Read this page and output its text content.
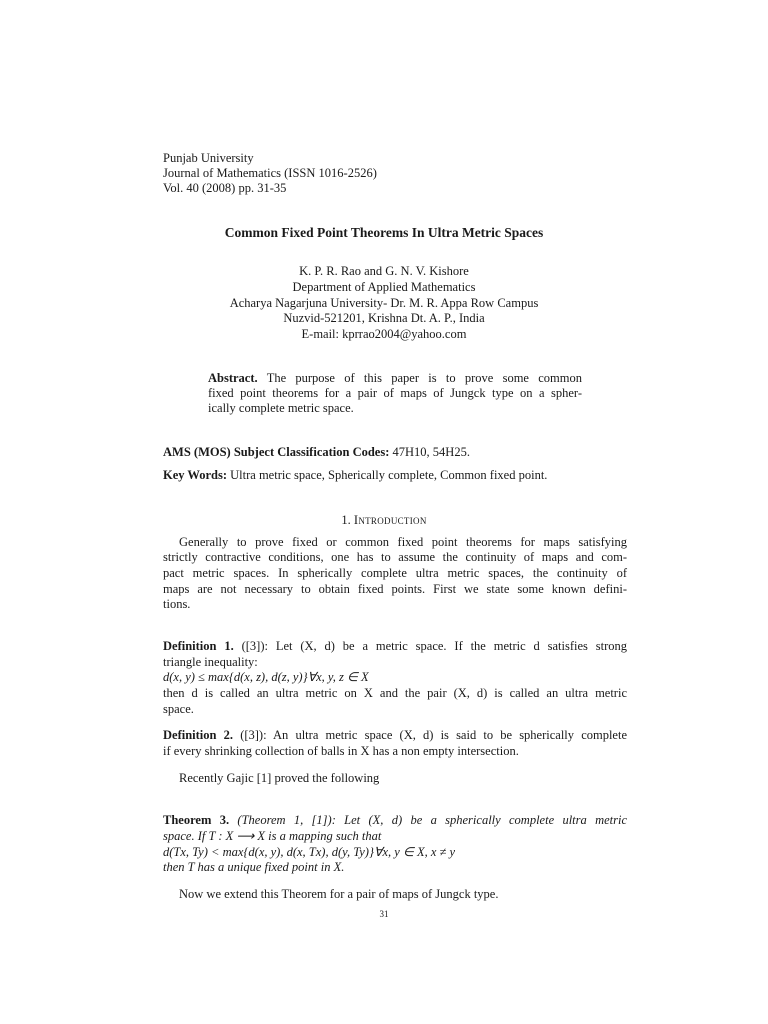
Punjab University
Journal of Mathematics (ISSN 1016-2526)
Vol. 40 (2008) pp. 31-35
Common Fixed Point Theorems In Ultra Metric Spaces
K. P. R. Rao and G. N. V. Kishore
Department of Applied Mathematics
Acharya Nagarjuna University- Dr. M. R. Appa Row Campus
Nuzvid-521201, Krishna Dt. A. P., India
E-mail: kprrao2004@yahoo.com
Abstract. The purpose of this paper is to prove some common
fixed point theorems for a pair of maps of Jungck type on a spher-
ically complete metric space.
AMS (MOS) Subject Classification Codes: 47H10, 54H25.
Key Words: Ultra metric space, Spherically complete, Common fixed point.
1. Introduction
Generally to prove fixed or common fixed point theorems for maps satisfying
strictly contractive conditions, one has to assume the continuity of maps and com-
pact metric spaces. In spherically complete ultra metric spaces, the continuity of
maps are not necessary to obtain fixed points. First we state some known defini-
tions.
Definition 1. ([3]): Let (X, d) be a metric space. If the metric d satisfies strong
triangle inequality:
d(x, y) ≤ max{d(x, z), d(z, y)}∀x, y, z ∈ X
then d is called an ultra metric on X and the pair (X, d) is called an ultra metric
space.
Definition 2. ([3]): An ultra metric space (X, d) is said to be spherically complete
if every shrinking collection of balls in X has a non empty intersection.
Recently Gajic [1] proved the following
Theorem 3. (Theorem 1, [1]): Let (X, d) be a spherically complete ultra metric
space. If T : X ⟶ X is a mapping such that
d(Tx, Ty) < max{d(x, y), d(x, Tx), d(y, Ty)}∀x, y ∈ X, x ≠ y
then T has a unique fixed point in X.
Now we extend this Theorem for a pair of maps of Jungck type.
31
